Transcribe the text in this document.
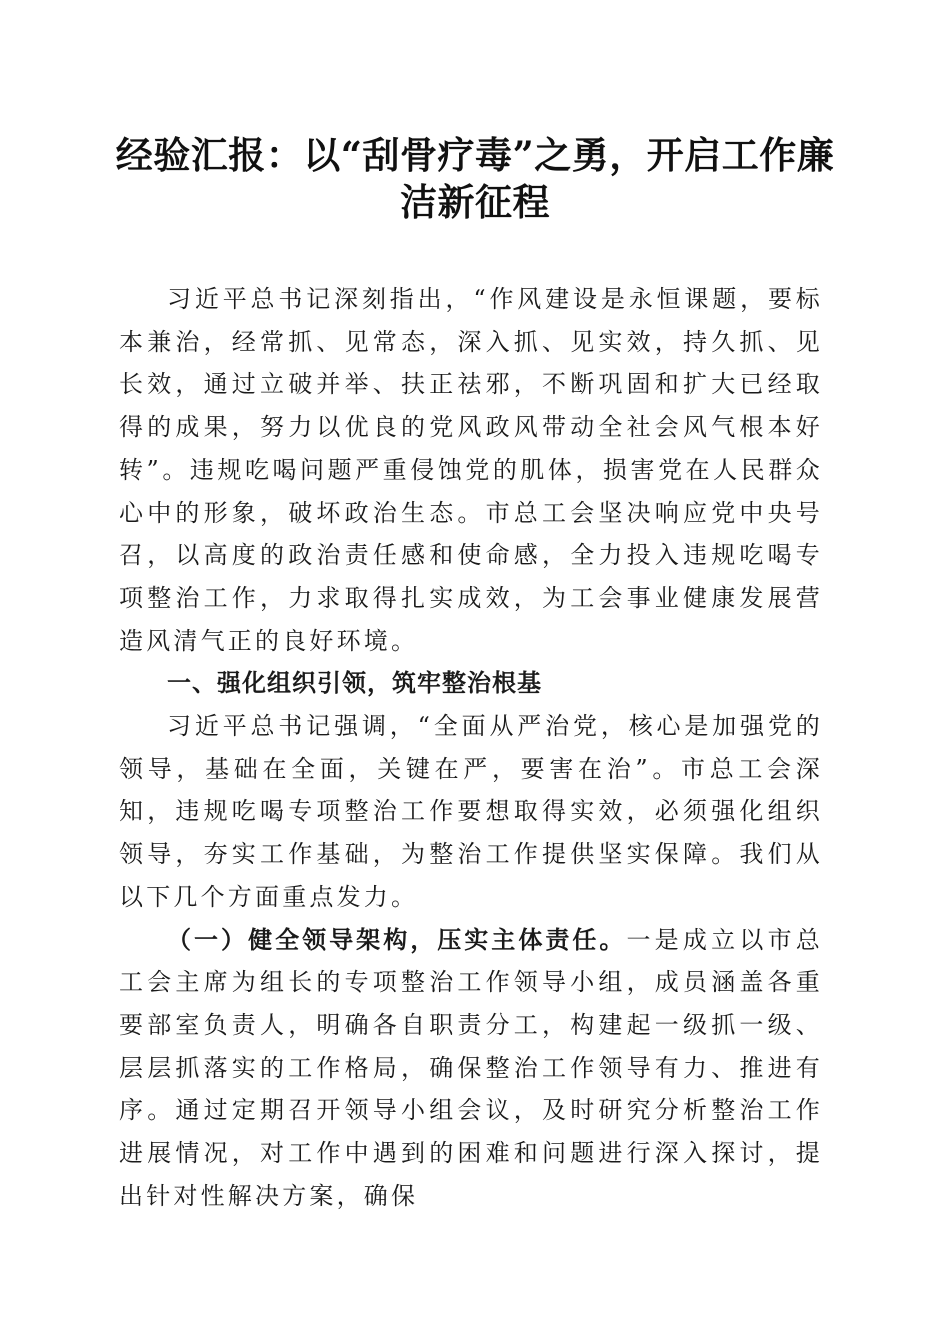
经验汇报：以“刮骨疗毒”之勇，开启工作廉
洁新征程

习近平总书记深刻指出，“作风建设是永恒课题，要标本兼治，经常抓、见常态，深入抓、见实效，持久抓、见长效，通过立破并举、扶正祛邪，不断巩固和扩大已经取得的成果，努力以优良的党风政风带动全社会风气根本好转”。违规吃喝问题严重侵蚀党的肌体，损害党在人民群众心中的形象，破坏政治生态。市总工会坚决响应党中央号召，以高度的政治责任感和使命感，全力投入违规吃喝专项整治工作，力求取得扎实成效，为工会事业健康发展营造风清气正的良好环境。

一、强化组织引领，筑牢整治根基

习近平总书记强调，“全面从严治党，核心是加强党的领导，基础在全面，关键在严，要害在治”。市总工会深知，违规吃喝专项整治工作要想取得实效，必须强化组织领导，夯实工作基础，为整治工作提供坚实保障。我们从以下几个方面重点发力。

（一）健全领导架构，压实主体责任。一是成立以市总工会主席为组长的专项整治工作领导小组，成员涵盖各重要部室负责人，明确各自职责分工，构建起一级抓一级、层层抓落实的工作格局，确保整治工作领导有力、推进有序。通过定期召开领导小组会议，及时研究分析整治工作进展情况，对工作中遇到的困难和问题进行深入探讨，提出针对性解决方案，确保
